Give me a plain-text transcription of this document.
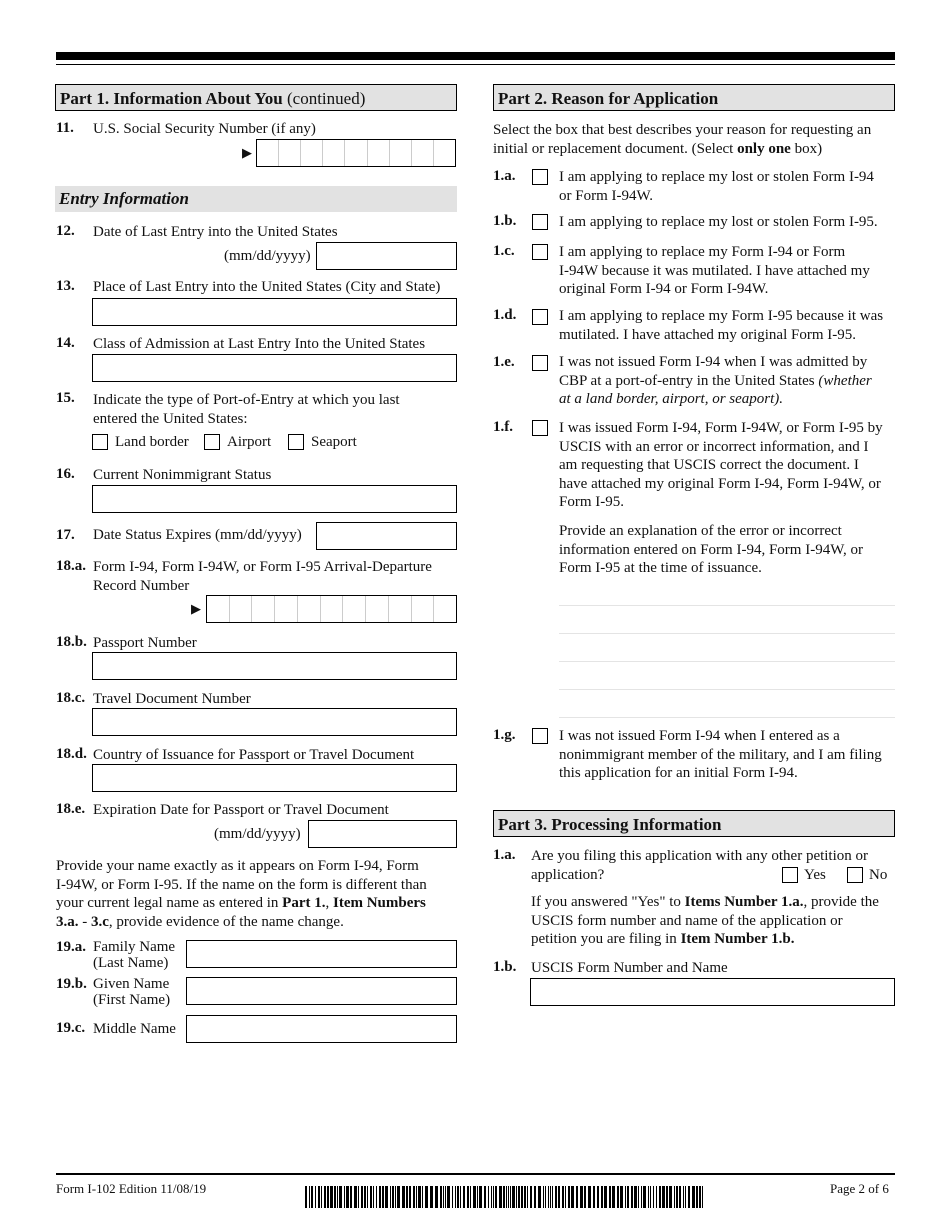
Part 1. Information About You (continued)
11. U.S. Social Security Number (if any)
▶
Entry Information
12. Date of Last Entry into the United States
(mm/dd/yyyy)
13. Place of Last Entry into the United States (City and State)
14. Class of Admission at Last Entry Into the United States
15. Indicate the type of Port-of-Entry at which you last
entered the United States:
Land border	Airport	Seaport
16. Current Nonimmigrant Status
17. Date Status Expires (mm/dd/yyyy)
18.a. Form I-94, Form I-94W, or Form I-95 Arrival-Departure
Record Number
▶
18.b. Passport Number
18.c. Travel Document Number
18.d. Country of Issuance for Passport or Travel Document
18.e. Expiration Date for Passport or Travel Document
(mm/dd/yyyy)
Provide your name exactly as it appears on Form I-94, Form
I-94W, or Form I-95. If the name on the form is different than
your current legal name as entered in Part 1., Item Numbers
3.a. - 3.c, provide evidence of the name change.
19.a. Family Name
(Last Name)
19.b. Given Name
(First Name)
19.c. Middle Name
Part 2. Reason for Application
Select the box that best describes your reason for requesting an
initial or replacement document. (Select only one box)
1.a.	I am applying to replace my lost or stolen Form I-94
or Form I-94W.
1.b.	I am applying to replace my lost or stolen Form I-95.
1.c.	I am applying to replace my Form I-94 or Form
I-94W because it was mutilated. I have attached my
original Form I-94 or Form I-94W.
1.d.	I am applying to replace my Form I-95 because it was
mutilated. I have attached my original Form I-95.
1.e.	I was not issued Form I-94 when I was admitted by
CBP at a port-of-entry in the United States (whether
at a land border, airport, or seaport).
1.f.	I was issued Form I-94, Form I-94W, or Form I-95 by
USCIS with an error or incorrect information, and I
am requesting that USCIS correct the document. I
have attached my original Form I-94, Form I-94W, or
Form I-95.
Provide an explanation of the error or incorrect
information entered on Form I-94, Form I-94W, or
Form I-95 at the time of issuance.
1.g.	I was not issued Form I-94 when I entered as a
nonimmigrant member of the military, and I am filing
this application for an initial Form I-94.
Part 3. Processing Information
1.a. Are you filing this application with any other petition or
application?	Yes	No
If you answered "Yes" to Items Number 1.a., provide the
USCIS form number and name of the application or
petition you are filing in Item Number 1.b.
1.b. USCIS Form Number and Name
Form I-102 Edition 11/08/19	Page 2 of 6
